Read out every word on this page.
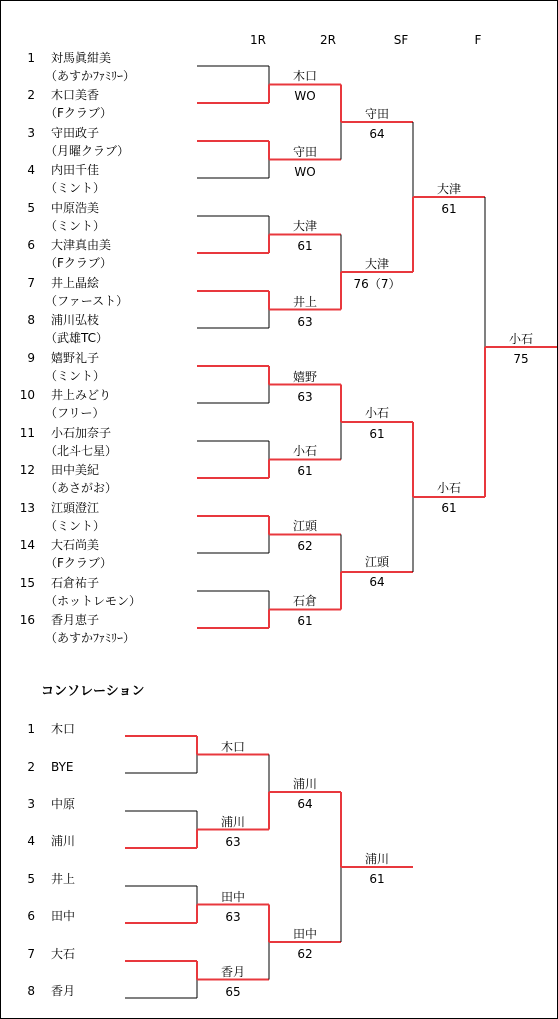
1R	2R	SF	F
1 対馬眞紺美
（あすかﾌｧﾐﾘｰ）
2 木口美香
（Fクラブ）
3 守田政子
（月曜クラブ）
4 内田千佳
（ミント）
5 中原浩美
（ミント）
6 大津真由美
（Fクラブ）
7 井上晶絵
（ファースト）
8 浦川弘枝
（武雄TC）
9 嬉野礼子
（ミント）
10 井上みどり
（フリー）
11 小石加奈子
（北斗七星）
12 田中美紀
（あさがお）
13 江頭澄江
（ミント）
14 大石尚美
（Fクラブ）
15 石倉祐子
（ホットレモン）
16 香月恵子
（あすかﾌｧﾐﾘｰ）
木口
WO
守田
WO
大津
61
井上
63
嬉野
63
小石
61
江頭
62
石倉
61
守田
64
大津
76（7）
小石
61
江頭
64
大津
61
小石
61
小石
75
コンソレーション
1 木口
2 BYE
3 中原
4 浦川
5 井上
6 田中
7 大石
8 香月
木口
浦川
63
田中
63
香月
65
浦川
64
田中
62
浦川
61
